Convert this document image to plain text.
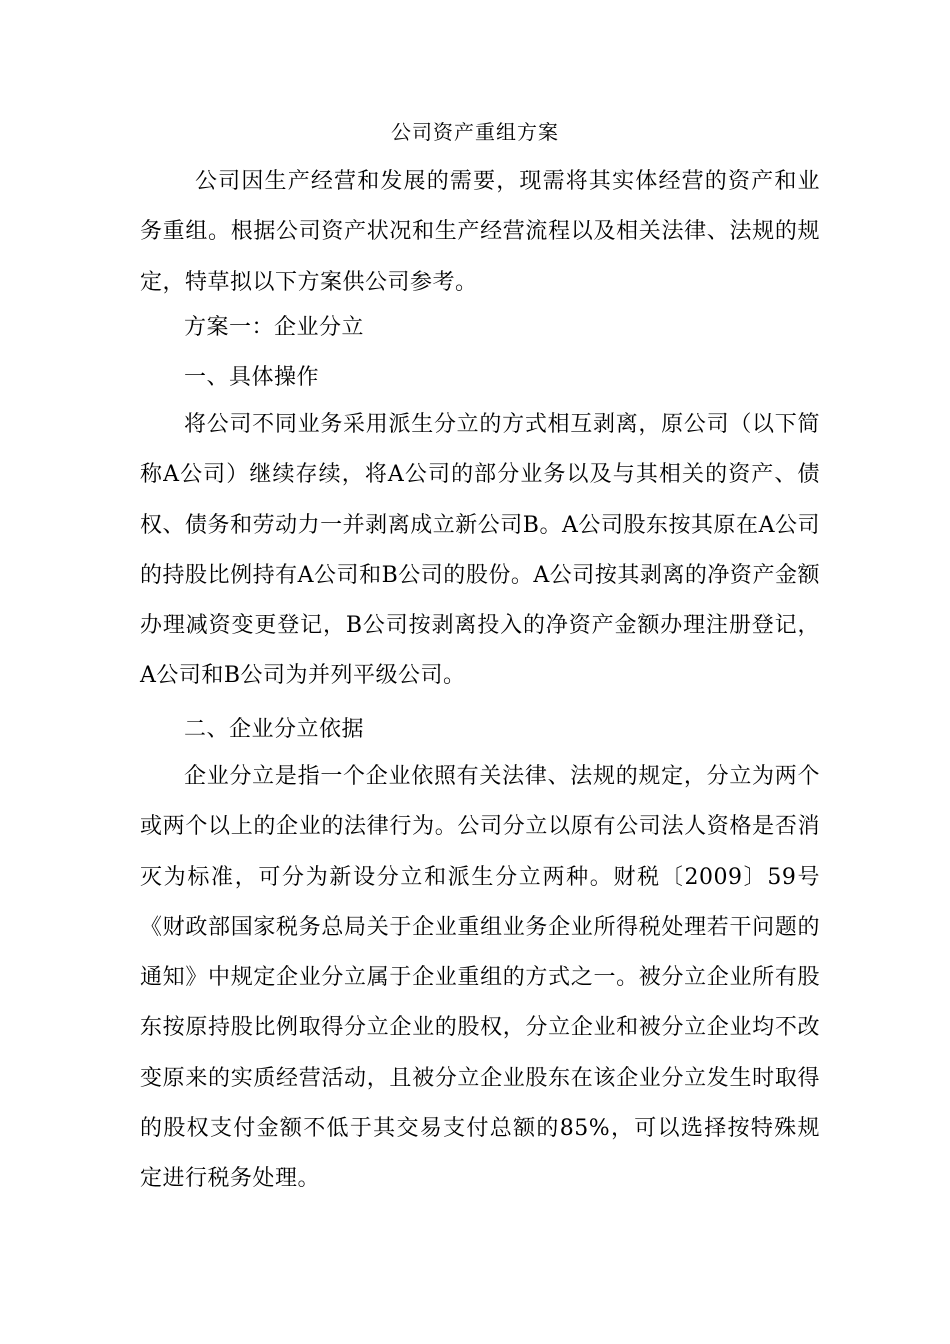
公司资产重组方案

公司因生产经营和发展的需要，现需将其实体经营的资产和业务重组。根据公司资产状况和生产经营流程以及相关法律、法规的规定，特草拟以下方案供公司参考。

方案一：企业分立
一、具体操作

将公司不同业务采用派生分立的方式相互剥离，原公司（以下简称A公司）继续存续，将A公司的部分业务以及与其相关的资产、债权、债务和劳动力一并剥离成立新公司B。A公司股东按其原在A公司的持股比例持有A公司和B公司的股份。A公司按其剥离的净资产金额办理减资变更登记，B公司按剥离投入的净资产金额办理注册登记，A公司和B公司为并列平级公司。

二、企业分立依据

企业分立是指一个企业依照有关法律、法规的规定，分立为两个或两个以上的企业的法律行为。公司分立以原有公司法人资格是否消灭为标准，可分为新设分立和派生分立两种。财税〔2009〕59号《财政部国家税务总局关于企业重组业务企业所得税处理若干问题的通知》中规定企业分立属于企业重组的方式之一。被分立企业所有股东按原持股比例取得分立企业的股权，分立企业和被分立企业均不改变原来的实质经营活动，且被分立企业股东在该企业分立发生时取得的股权支付金额不低于其交易支付总额的85%，可以选择按特殊规定进行税务处理。
